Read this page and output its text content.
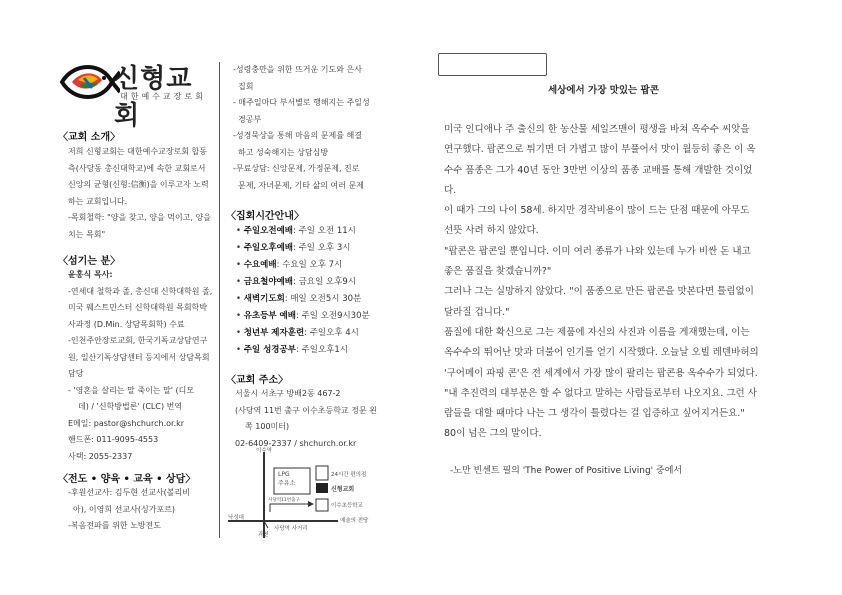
신형교회
대한예수교장로회
〈교회 소개〉
저희 신형교회는 대한예수교장로회 합동
측(사당동 총신대학교)에 속한 교회로서
신앙의 균형(신형:信衡)을 이루고자 노력
하는 교회입니다.
-목회철학: "양을 찾고, 양을 먹이고, 양을
치는 목회"
〈섬기는 분〉
윤홍식 목사:
-연세대 철학과 졸, 총신대 신학대학원 졸,
미국 웨스트민스터 신학대학원 목회학박
사과정 (D.Min. 상담목회학) 수료
-인천주안장로교회, 한국기독교상담연구
원, 일산기독상담센터 등지에서 상담목회
담당
- '영혼을 살리는 말 죽이는 말' (디모
데) / '신학방법론' (CLC) 번역
E메일: pastor@shchurch.or.kr
핸드폰: 011-9095-4553
사택: 2055-2337
〈전도 • 양육 • 교육 • 상담〉
-후원선교사: 김두현 선교사(볼리비
아), 이영희 선교사(싱가포르)
-복음전파를 위한 노방전도
-성령충만을 위한 뜨거운 기도와 은사
집회
- 매주일마다 부서별로 행해지는 주일성
경공부
-성경묵상을 통해 마음의 문제를 해결
하고 성숙해지는 상담심방
-무료상담: 신앙문제, 가정문제, 진로
문제, 자녀문제, 기타 삶의 여러 문제
〈집회시간안내〉
• 주일오전예배: 주일 오전 11시
• 주일오후예배: 주일 오후 3시
• 수요예배: 수요일 오후 7시
• 금요철야예배: 금요일 오후9시
• 새벽기도회: 매일 오전5시 30분
• 유초등부 예배: 주일 오전9시30분
• 청년부 제자훈련: 주일오후 4시
• 주일 성경공부: 주일오후1시
〈교회 주소〉
서울시 서초구 방배2동 467-2
(사당역 11번 출구 이수초등학교 정문 왼
쪽 100미터)
02-6409-2337 / shchurch.or.kr
이수역
LPG
주유소
24시간 편의점
신형교회
사당역11번출구
이수초등학교
낙성대
사당역 사거리
예술의 전당
과천
세상에서 가장 맛있는 팝콘
미국 인디애나 주 출신의 한 농산물 세일즈맨이 평생을 바쳐 옥수수 씨앗을
연구했다. 팝콘으로 튀기면 더 가볍고 많이 부풀어서 맛이 월등히 좋은 이 옥
수수 품종은 그가 40년 동안 3만번 이상의 품종 교배를 통해 개발한 것이었
다.
이 때가 그의 나이 58세. 하지만 경작비용이 많이 드는 단점 때문에 아무도
선뜻 사려 하지 않았다.
"팝콘은 팝콘일 뿐입니다. 이미 여러 종류가 나와 있는데 누가 비싼 돈 내고
좋은 품질을 찾겠습니까?"
그러나 그는 실망하지 않았다. "이 품종으로 만든 팝콘을 맛본다면 틀림없이
달라질 겁니다."
품질에 대한 확신으로 그는 제품에 자신의 사진과 이름을 게재했는데, 이는
옥수수의 뛰어난 맛과 더불어 인기를 얻기 시작했다. 오늘날 오빌 레덴바허의
'구어메이 파핑 콘'은 전 세계에서 가장 많이 팔리는 팝콘용 옥수수가 되었다.
"내 추진력의 대부분은 할 수 없다고 말하는 사람들로부터 나오지요. 그런 사
람들을 대할 때마다 나는 그 생각이 틀렸다는 걸 입증하고 싶어지거든요."
80이 넘은 그의 말이다.
-노만 빈센트 필의 'The Power of Positive Living' 중에서
